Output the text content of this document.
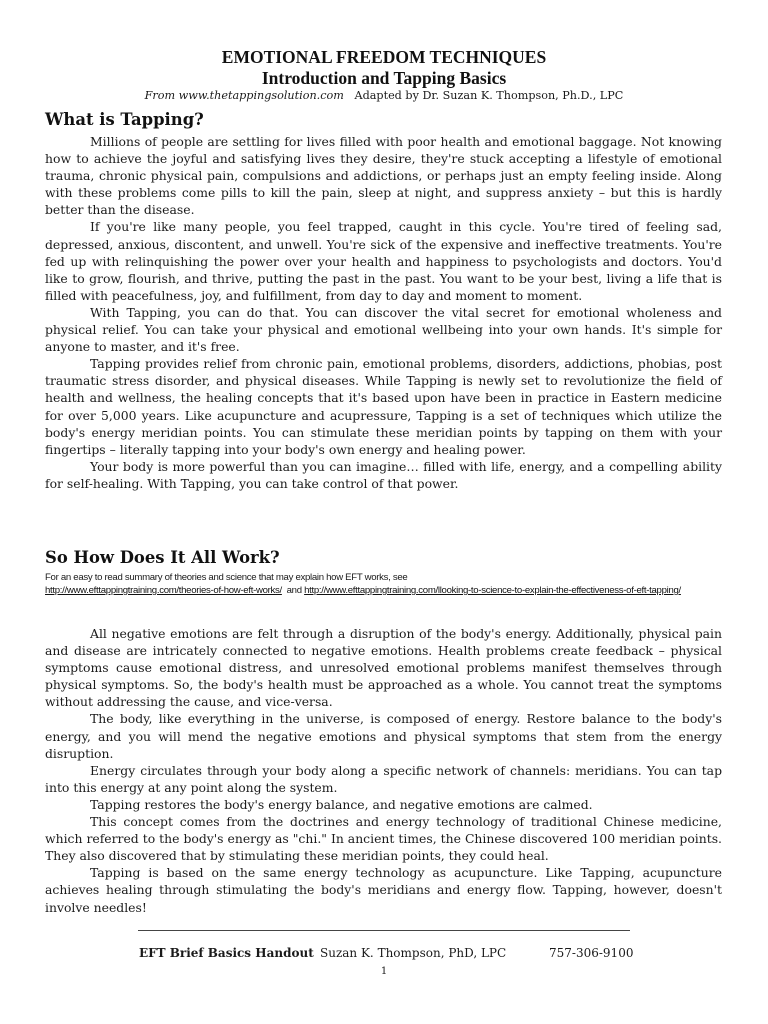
EMOTIONAL FREEDOM TECHNIQUES
Introduction and Tapping Basics
From www.thetappingsolution.com   Adapted by Dr. Suzan K. Thompson, Ph.D., LPC
What is Tapping?

Millions of people are settling for lives filled with poor health and emotional baggage. Not knowing how to achieve the joyful and satisfying lives they desire, they're stuck accepting a lifestyle of emotional trauma, chronic physical pain, compulsions and addictions, or perhaps just an empty feeling inside. Along with these problems come pills to kill the pain, sleep at night, and suppress anxiety – but this is hardly better than the disease.

If you're like many people, you feel trapped, caught in this cycle. You're tired of feeling sad, depressed, anxious, discontent, and unwell. You're sick of the expensive and ineffective treatments. You're fed up with relinquishing the power over your health and happiness to psychologists and doctors. You'd like to grow, flourish, and thrive, putting the past in the past. You want to be your best, living a life that is filled with peacefulness, joy, and fulfillment, from day to day and moment to moment.

With Tapping, you can do that. You can discover the vital secret for emotional wholeness and physical relief. You can take your physical and emotional wellbeing into your own hands. It's simple for anyone to master, and it's free.

Tapping provides relief from chronic pain, emotional problems, disorders, addictions, phobias, post traumatic stress disorder, and physical diseases. While Tapping is newly set to revolutionize the field of health and wellness, the healing concepts that it's based upon have been in practice in Eastern medicine for over 5,000 years. Like acupuncture and acupressure, Tapping is a set of techniques which utilize the body's energy meridian points. You can stimulate these meridian points by tapping on them with your fingertips – literally tapping into your body's own energy and healing power.

Your body is more powerful than you can imagine… filled with life, energy, and a compelling ability for self-healing. With Tapping, you can take control of that power.

So How Does It All Work?
For an easy to read summary of theories and science that may explain how EFT works, see
http://www.efttappingtraining.com/theories-of-how-eft-works/  and http://www.efttappingtraining.com/llooking-to-science-to-explain-the-effectiveness-of-eft-tapping/

All negative emotions are felt through a disruption of the body's energy. Additionally, physical pain and disease are intricately connected to negative emotions. Health problems create feedback – physical symptoms cause emotional distress, and unresolved emotional problems manifest themselves through physical symptoms. So, the body's health must be approached as a whole. You cannot treat the symptoms without addressing the cause, and vice-versa.

The body, like everything in the universe, is composed of energy. Restore balance to the body's energy, and you will mend the negative emotions and physical symptoms that stem from the energy disruption.

Energy circulates through your body along a specific network of channels: meridians. You can tap into this energy at any point along the system.

Tapping restores the body's energy balance, and negative emotions are calmed.

This concept comes from the doctrines and energy technology of traditional Chinese medicine, which referred to the body's energy as "chi." In ancient times, the Chinese discovered 100 meridian points. They also discovered that by stimulating these meridian points, they could heal.

Tapping is based on the same energy technology as acupuncture. Like Tapping, acupuncture achieves healing through stimulating the body's meridians and energy flow. Tapping, however, doesn't involve needles!

EFT Brief Basics Handout Suzan K. Thompson, PhD, LPC	757-306-9100
1
